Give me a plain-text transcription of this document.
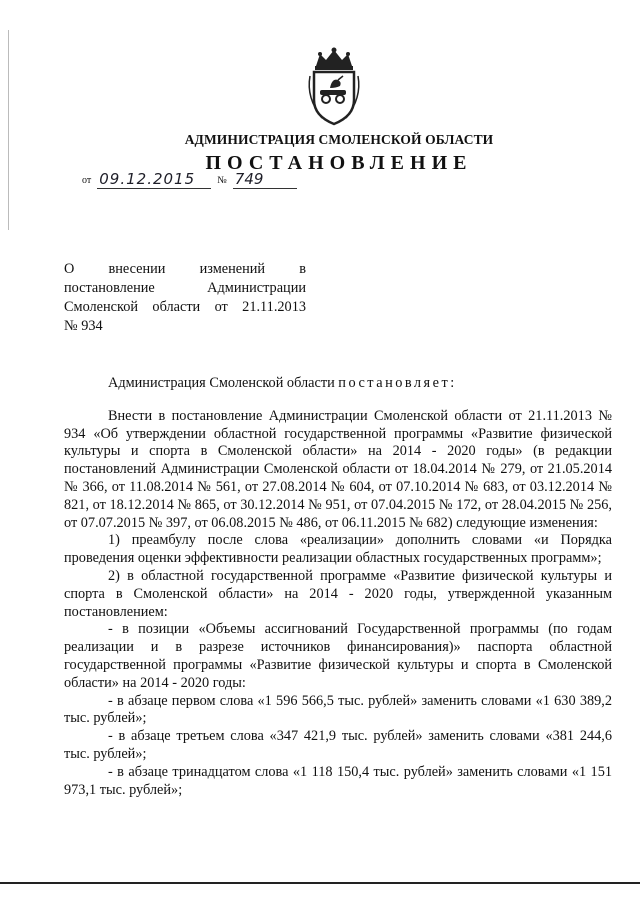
АДМИНИСТРАЦИЯ СМОЛЕНСКОЙ ОБЛАСТИ
ПОСТАНОВЛЕНИЕ
от 09.12.2015	№ 749
О внесении изменений в
постановление Администрации
Смоленской области от 21.11.2013
№ 934

Администрация Смоленской области постановляет:

Внести в постановление Администрации Смоленской области от 21.11.2013 № 934 «Об утверждении областной государственной программы «Развитие физической культуры и спорта в Смоленской области» на 2014 - 2020 годы» (в редакции постановлений Администрации Смоленской области от 18.04.2014 № 279, от 21.05.2014 № 366, от 11.08.2014 № 561, от 27.08.2014 № 604, от 07.10.2014 № 683, от 03.12.2014 № 821, от 18.12.2014 № 865, от 30.12.2014 № 951, от 07.04.2015 № 172, от 28.04.2015 № 256, от 07.07.2015 № 397, от 06.08.2015 № 486, от 06.11.2015 № 682) следующие изменения:

1) преамбулу после слова «реализации» дополнить словами «и Порядка проведения оценки эффективности реализации областных государственных программ»;

2) в областной государственной программе «Развитие физической культуры и спорта в Смоленской области» на 2014 - 2020 годы, утвержденной указанным постановлением:

- в позиции «Объемы ассигнований Государственной программы (по годам реализации и в разрезе источников финансирования)» паспорта областной государственной программы «Развитие физической культуры и спорта в Смоленской области» на 2014 - 2020 годы:

- в абзаце первом слова «1 596 566,5 тыс. рублей» заменить словами «1 630 389,2 тыс. рублей»;

- в абзаце третьем слова «347 421,9 тыс. рублей» заменить словами «381 244,6 тыс. рублей»;

- в абзаце тринадцатом слова «1 118 150,4 тыс. рублей» заменить словами «1 151 973,1 тыс. рублей»;
